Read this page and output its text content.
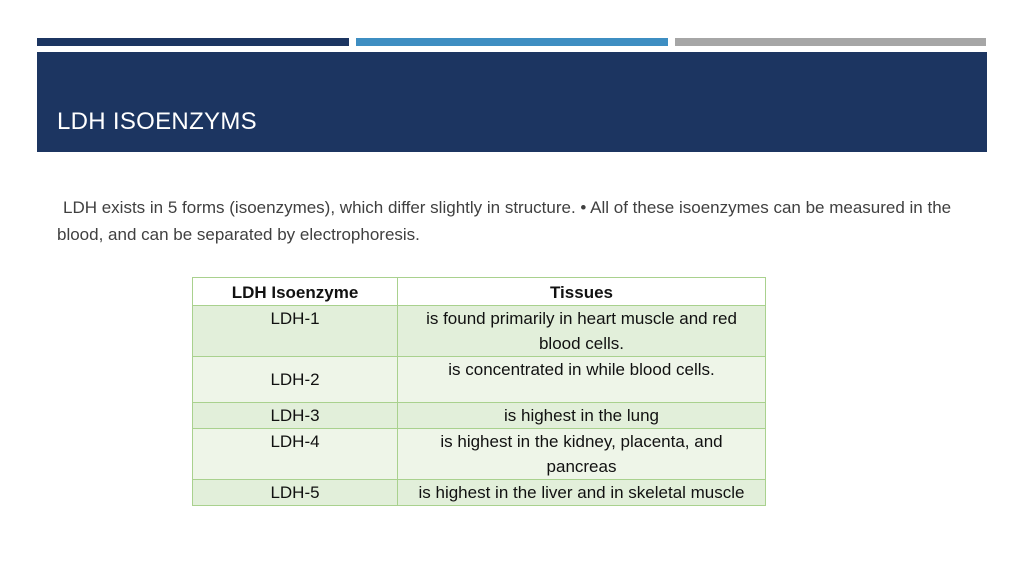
LDH ISOENZYMS

LDH exists in 5 forms (isoenzymes), which differ slightly in structure. • All of these isoenzymes can be measured in the blood, and can be separated by electrophoresis.

LDH Isoenzyme	Tissues
LDH-1	is found primarily in heart muscle and red blood cells.
LDH-2	is concentrated in while blood cells.
LDH-3	is highest in the lung
LDH-4	is highest in the kidney, placenta, and pancreas
LDH-5	is highest in the liver and in skeletal muscle
